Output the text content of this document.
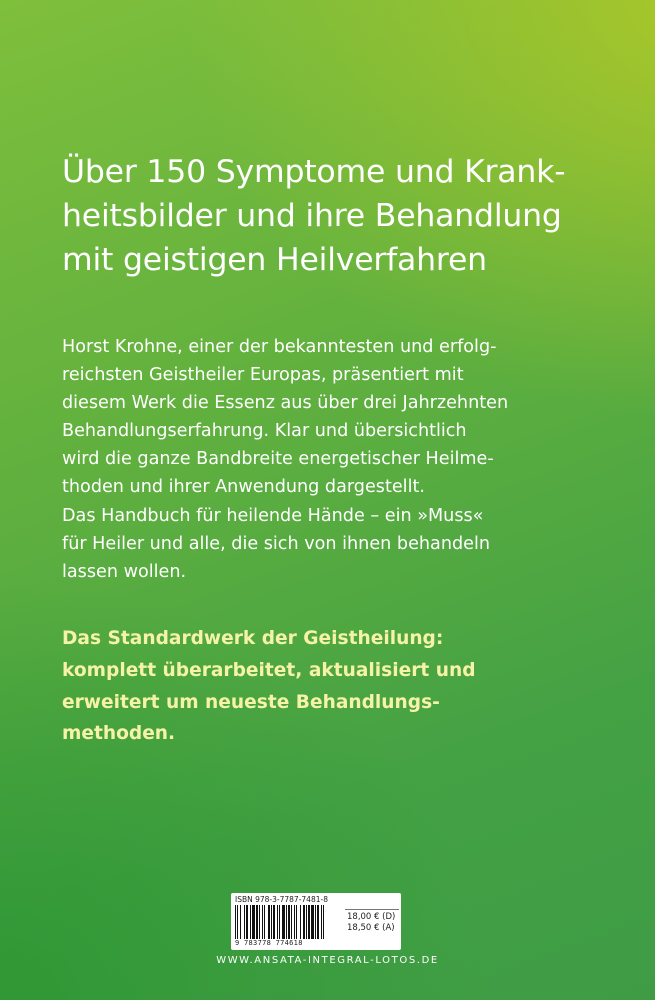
Über 150 Symptome und Krank-
heitsbilder und ihre Behandlung
mit geistigen Heilverfahren

Horst Krohne, einer der bekanntesten und erfolg-
reichsten Geistheiler Europas, präsentiert mit
diesem Werk die Essenz aus über drei Jahrzehnten
Behandlungserfahrung. Klar und übersichtlich
wird die ganze Bandbreite energetischer Heilme-
thoden und ihrer Anwendung dargestellt.
Das Handbuch für heilende Hände – ein »Muss«
für Heiler und alle, die sich von ihnen behandeln
lassen wollen.

Das Standardwerk der Geistheilung:
komplett überarbeitet, aktualisiert und
erweitert um neueste Behandlungs-
methoden.

ISBN 978-3-7787-7481-8
9 783778 774618
18,00 € (D)
18,50 € (A)
WWW.ANSATA-INTEGRAL-LOTOS.DE
